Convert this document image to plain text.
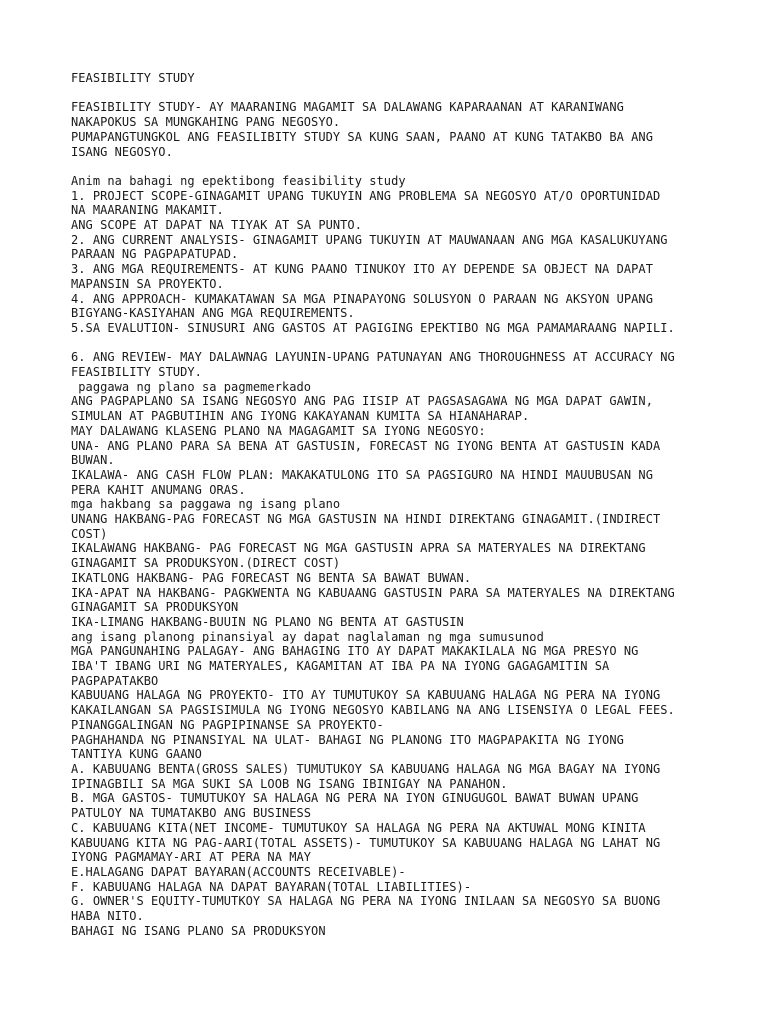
FEASIBILITY STUDY
FEASIBILITY STUDY- AY MAARANING MAGAMIT SA DALAWANG KAPARAANAN AT KARANIWANG
NAKAPOKUS SA MUNGKAHING PANG NEGOSYO.
PUMAPANGTUNGKOL ANG FEASILIBITY STUDY SA KUNG SAAN, PAANO AT KUNG TATAKBO BA ANG
ISANG NEGOSYO.
Anim na bahagi ng epektibong feasibility study
1. PROJECT SCOPE-GINAGAMIT UPANG TUKUYIN ANG PROBLEMA SA NEGOSYO AT/O OPORTUNIDAD
NA MAARANING MAKAMIT.
ANG SCOPE AT DAPAT NA TIYAK AT SA PUNTO.
2. ANG CURRENT ANALYSIS- GINAGAMIT UPANG TUKUYIN AT MAUWANAAN ANG MGA KASALUKUYANG
PARAAN NG PAGPAPATUPAD.
3. ANG MGA REQUIREMENTS- AT KUNG PAANO TINUKOY ITO AY DEPENDE SA OBJECT NA DAPAT
MAPANSIN SA PROYEKTO.
4. ANG APPROACH- KUMAKATAWAN SA MGA PINAPAYONG SOLUSYON O PARAAN NG AKSYON UPANG
BIGYANG-KASIYAHAN ANG MGA REQUIREMENTS.
5.SA EVALUTION- SINUSURI ANG GASTOS AT PAGIGING EPEKTIBO NG MGA PAMAMARAANG NAPILI.
6. ANG REVIEW- MAY DALAWNAG LAYUNIN-UPANG PATUNAYAN ANG THOROUGHNESS AT ACCURACY NG
FEASIBILITY STUDY.
paggawa ng plano sa pagmemerkado
ANG PAGPAPLANO SA ISANG NEGOSYO ANG PAG IISIP AT PAGSASAGAWA NG MGA DAPAT GAWIN,
SIMULAN AT PAGBUTIHIN ANG IYONG KAKAYANAN KUMITA SA HIANAHARAP.
MAY DALAWANG KLASENG PLANO NA MAGAGAMIT SA IYONG NEGOSYO:
UNA- ANG PLANO PARA SA BENA AT GASTUSIN, FORECAST NG IYONG BENTA AT GASTUSIN KADA
BUWAN.
IKALAWA- ANG CASH FLOW PLAN: MAKAKATULONG ITO SA PAGSIGURO NA HINDI MAUUBUSAN NG
PERA KAHIT ANUMANG ORAS.
mga hakbang sa paggawa ng isang plano
UNANG HAKBANG-PAG FORECAST NG MGA GASTUSIN NA HINDI DIREKTANG GINAGAMIT.(INDIRECT
COST)
IKALAWANG HAKBANG- PAG FORECAST NG MGA GASTUSIN APRA SA MATERYALES NA DIREKTANG
GINAGAMIT SA PRODUKSYON.(DIRECT COST)
IKATLONG HAKBANG- PAG FORECAST NG BENTA SA BAWAT BUWAN.
IKA-APAT NA HAKBANG- PAGKWENTA NG KABUAANG GASTUSIN PARA SA MATERYALES NA DIREKTANG
GINAGAMIT SA PRODUKSYON
IKA-LIMANG HAKBANG-BUUIN NG PLANO NG BENTA AT GASTUSIN
ang isang planong pinansiyal ay dapat naglalaman ng mga sumusunod
MGA PANGUNAHING PALAGAY- ANG BAHAGING ITO AY DAPAT MAKAKILALA NG MGA PRESYO NG
IBA'T IBANG URI NG MATERYALES, KAGAMITAN AT IBA PA NA IYONG GAGAGAMITIN SA
PAGPAPATAKBO
KABUUANG HALAGA NG PROYEKTO- ITO AY TUMUTUKOY SA KABUUANG HALAGA NG PERA NA IYONG
KAKAILANGAN SA PAGSISIMULA NG IYONG NEGOSYO KABILANG NA ANG LISENSIYA O LEGAL FEES.
PINANGGALINGAN NG PAGPIPINANSE SA PROYEKTO-
PAGHAHANDA NG PINANSIYAL NA ULAT- BAHAGI NG PLANONG ITO MAGPAPAKITA NG IYONG
TANTIYA KUNG GAANO
A. KABUUANG BENTA(GROSS SALES) TUMUTUKOY SA KABUUANG HALAGA NG MGA BAGAY NA IYONG
IPINAGBILI SA MGA SUKI SA LOOB NG ISANG IBINIGAY NA PANAHON.
B. MGA GASTOS- TUMUTUKOY SA HALAGA NG PERA NA IYON GINUGUGOL BAWAT BUWAN UPANG
PATULOY NA TUMATAKBO ANG BUSINESS
C. KABUUANG KITA(NET INCOME- TUMUTUKOY SA HALAGA NG PERA NA AKTUWAL MONG KINITA
KABUUANG KITA NG PAG-AARI(TOTAL ASSETS)- TUMUTUKOY SA KABUUANG HALAGA NG LAHAT NG
IYONG PAGMAMAY-ARI AT PERA NA MAY
E.HALAGANG DAPAT BAYARAN(ACCOUNTS RECEIVABLE)-
F. KABUUANG HALAGA NA DAPAT BAYARAN(TOTAL LIABILITIES)-
G. OWNER'S EQUITY-TUMUTKOY SA HALAGA NG PERA NA IYONG INILAAN SA NEGOSYO SA BUONG
HABA NITO.
BAHAGI NG ISANG PLANO SA PRODUKSYON
